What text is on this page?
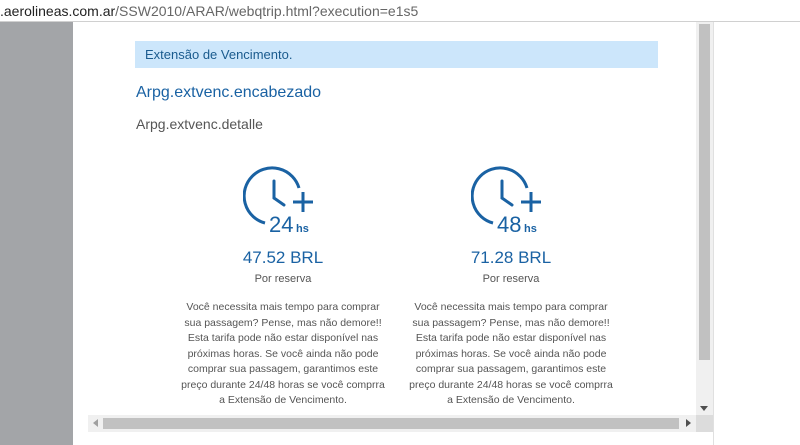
.aerolineas.com.ar/SSW2010/ARAR/webqtrip.html?execution=e1s5
Extensão de Vencimento.
Arpg.extvenc.encabezado
Arpg.extvenc.detalle
24 hs
47.52 BRL
Por reserva
Você necessita mais tempo para comprar sua passagem? Pense, mas não demore!! Esta tarifa pode não estar disponível nas próximas horas. Se você ainda não pode comprar sua passagem, garantimos este preço durante 24/48 horas se você comprra a Extensão de Vencimento.
48 hs
71.28 BRL
Por reserva
Você necessita mais tempo para comprar sua passagem? Pense, mas não demore!! Esta tarifa pode não estar disponível nas próximas horas. Se você ainda não pode comprar sua passagem, garantimos este preço durante 24/48 horas se você comprra a Extensão de Vencimento.
